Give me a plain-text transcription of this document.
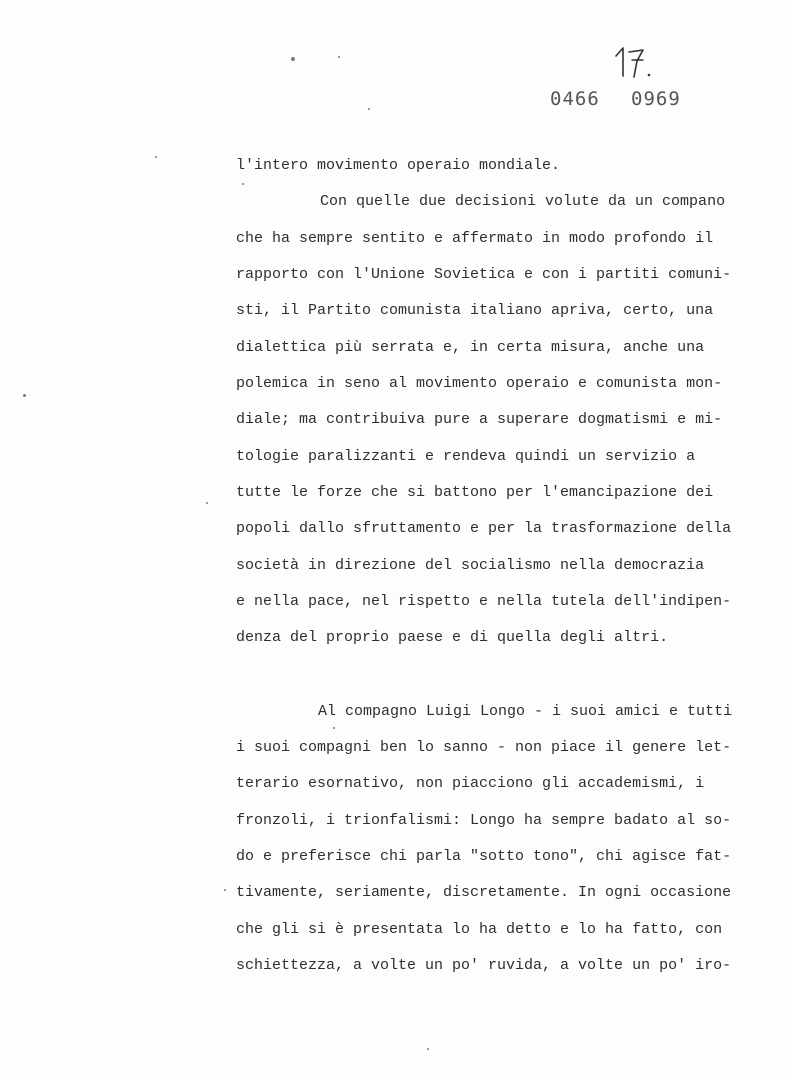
0466 0969
l'intero movimento operaio mondiale.
Con quelle due decisioni volute da un compano
che ha sempre sentito e affermato in modo profondo il
rapporto con l'Unione Sovietica e con i partiti comuni-
sti, il Partito comunista italiano apriva, certo, una
dialettica più serrata e, in certa misura, anche una
polemica in seno al movimento operaio e comunista mon-
diale; ma contribuiva pure a superare dogmatismi e mi-
tologie paralizzanti e rendeva quindi un servizio a
tutte le forze che si battono per l'emancipazione dei
popoli dallo sfruttamento e per la trasformazione della
società in direzione del socialismo nella democrazia
e nella pace, nel rispetto e nella tutela dell'indipen-
denza del proprio paese e di quella degli altri.
Al compagno Luigi Longo - i suoi amici e tutti
i suoi compagni ben lo sanno - non piace il genere let-
terario esornativo, non piacciono gli accademismi, i
fronzoli, i trionfalismi: Longo ha sempre badato al so-
do e preferisce chi parla "sotto tono", chi agisce fat-
tivamente, seriamente, discretamente. In ogni occasione
che gli si è presentata lo ha detto e lo ha fatto, con
schiettezza, a volte un po' ruvida, a volte un po' iro-
